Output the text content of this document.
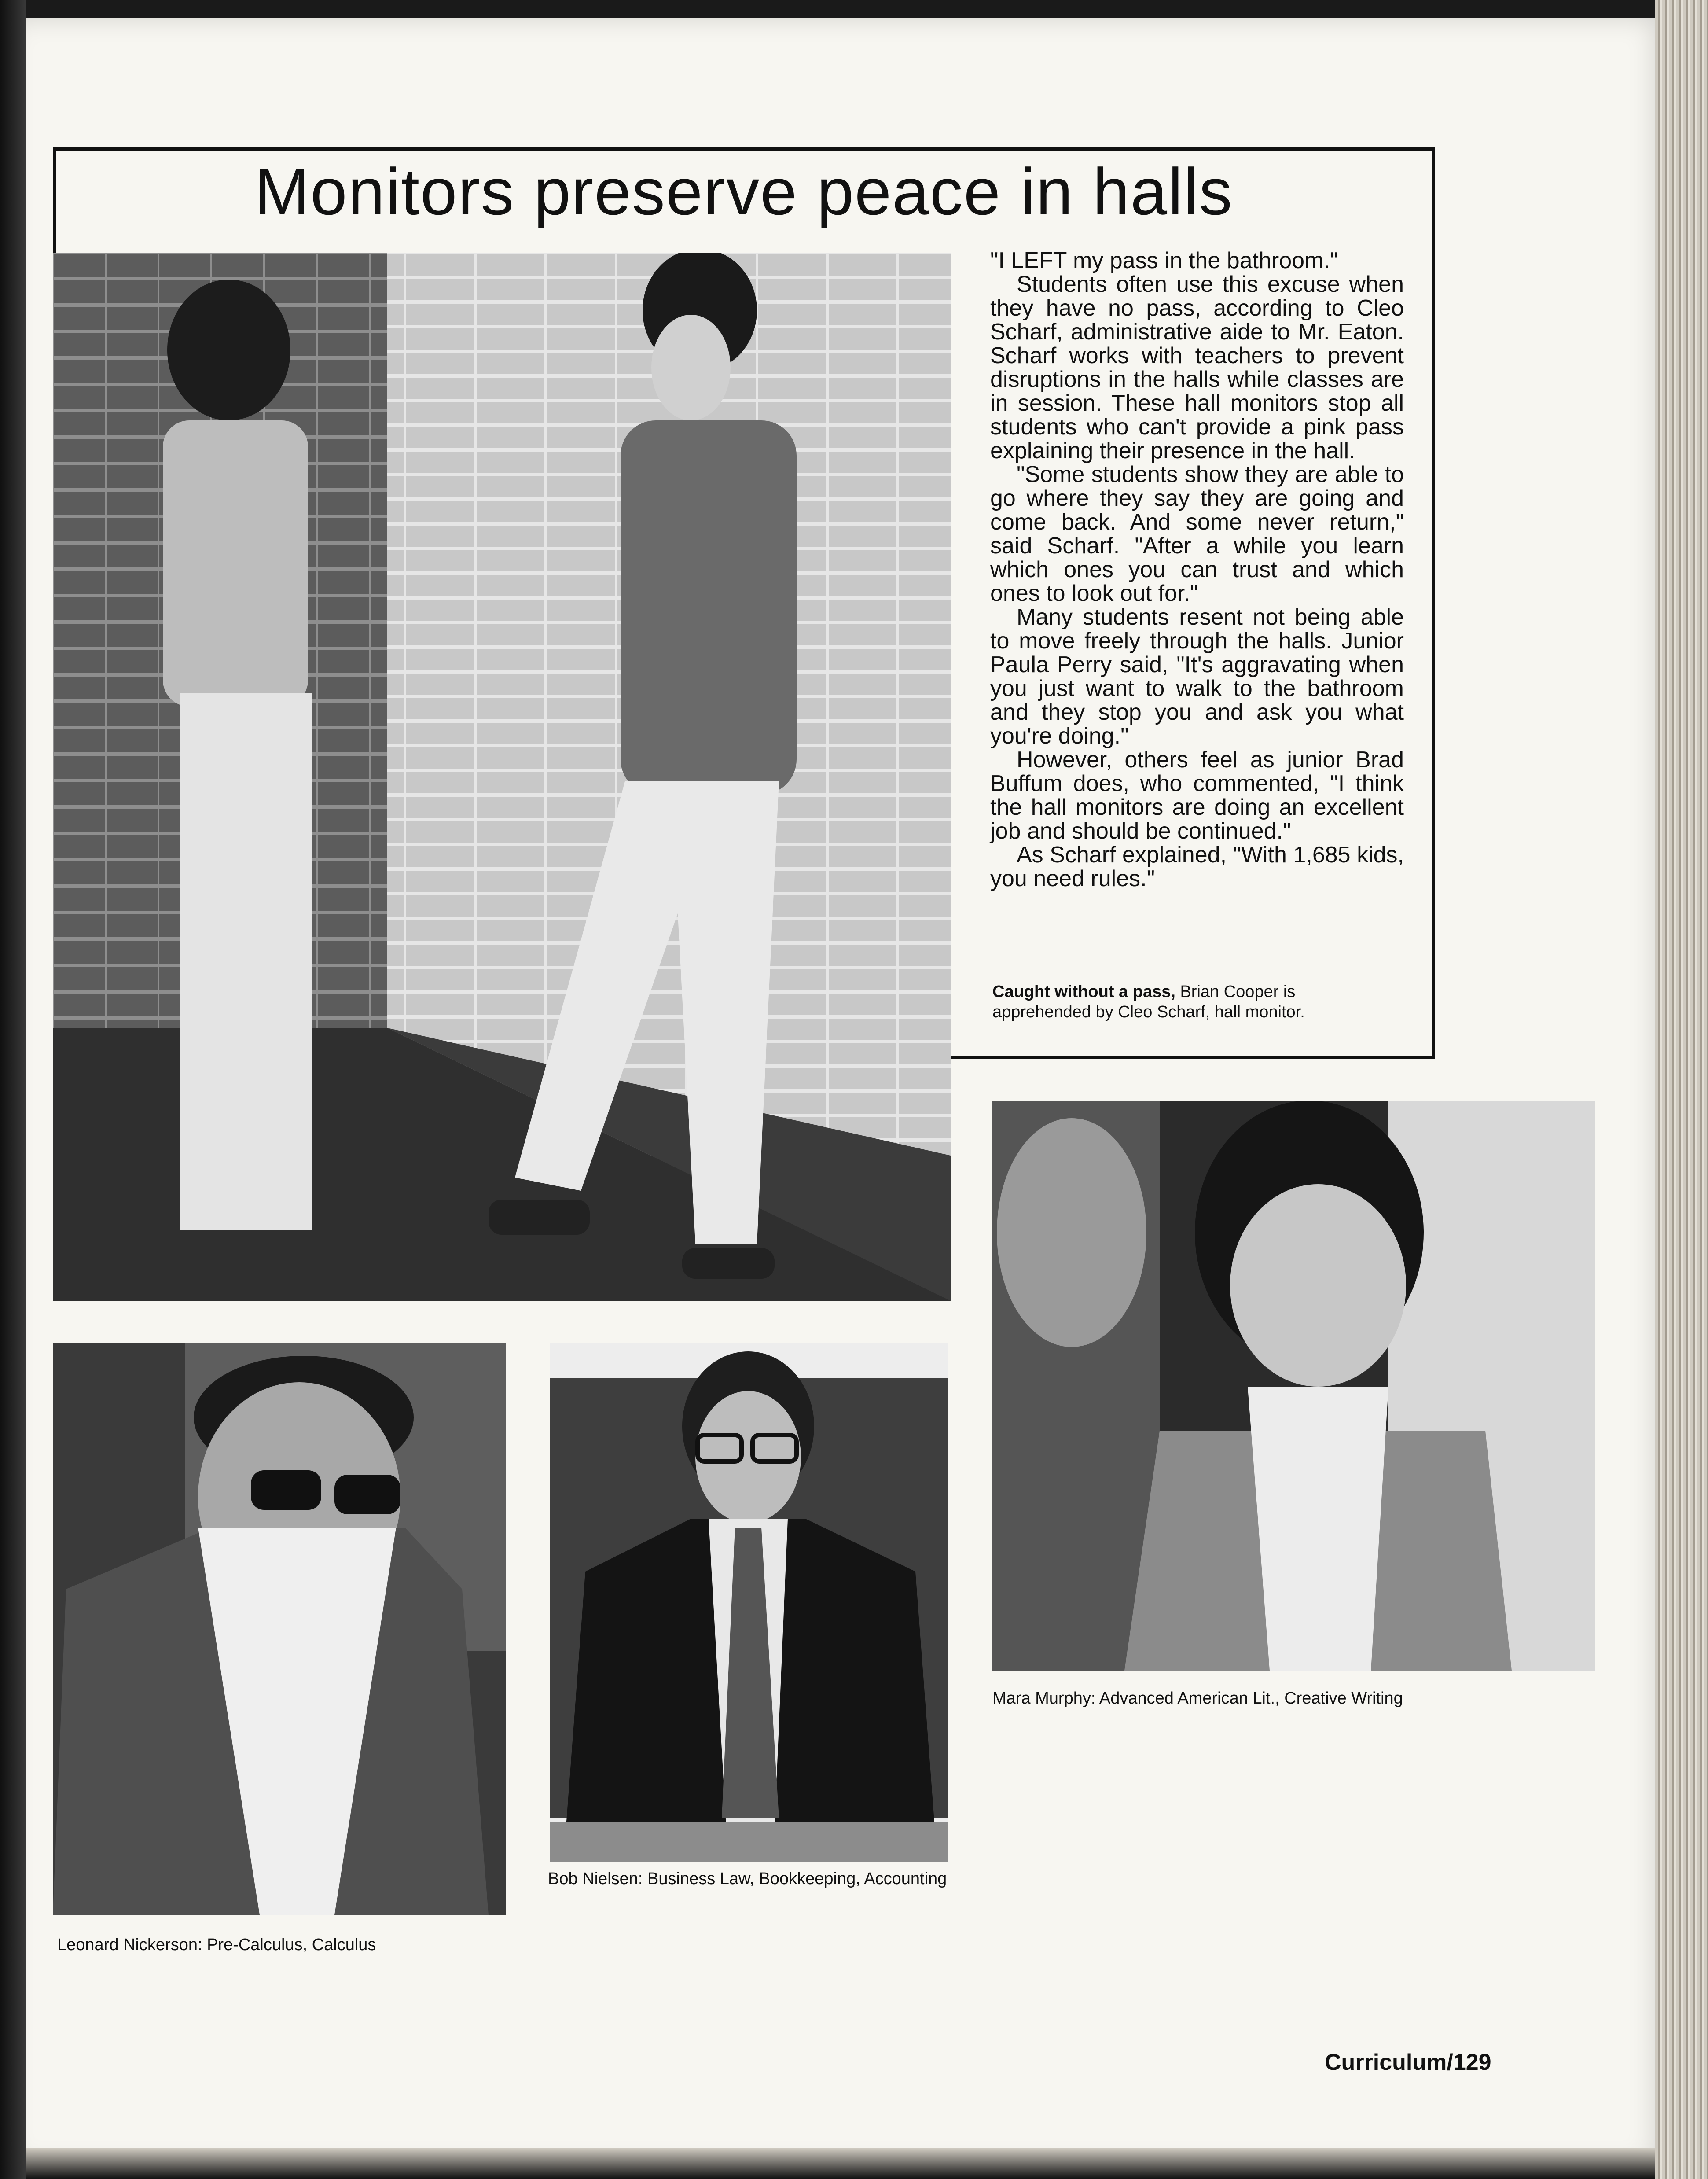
Monitors preserve peace in halls

"I LEFT my pass in the bathroom."

Students often use this excuse when they have no pass, according to Cleo Scharf, administrative aide to Mr. Eaton. Scharf works with teachers to prevent disruptions in the halls while classes are in session. These hall monitors stop all students who can't provide a pink pass explaining their presence in the hall.

"Some students show they are able to go where they say they are going and come back. And some never return," said Scharf. "After a while you learn which ones you can trust and which ones to look out for."

Many students resent not being able to move freely through the halls. Junior Paula Perry said, "It's aggravating when you just want to walk to the bathroom and they stop you and ask you what you're doing."

However, others feel as junior Brad Buffum does, who commented, "I think the hall monitors are doing an excellent job and should be continued."

As Scharf explained, "With 1,685 kids, you need rules."

Caught without a pass, Brian Cooper is apprehended by Cleo Scharf, hall monitor.
Mara Murphy: Advanced American Lit., Creative Writing
Leonard Nickerson: Pre-Calculus, Calculus
Bob Nielsen: Business Law, Bookkeeping, Accounting
Curriculum/129
